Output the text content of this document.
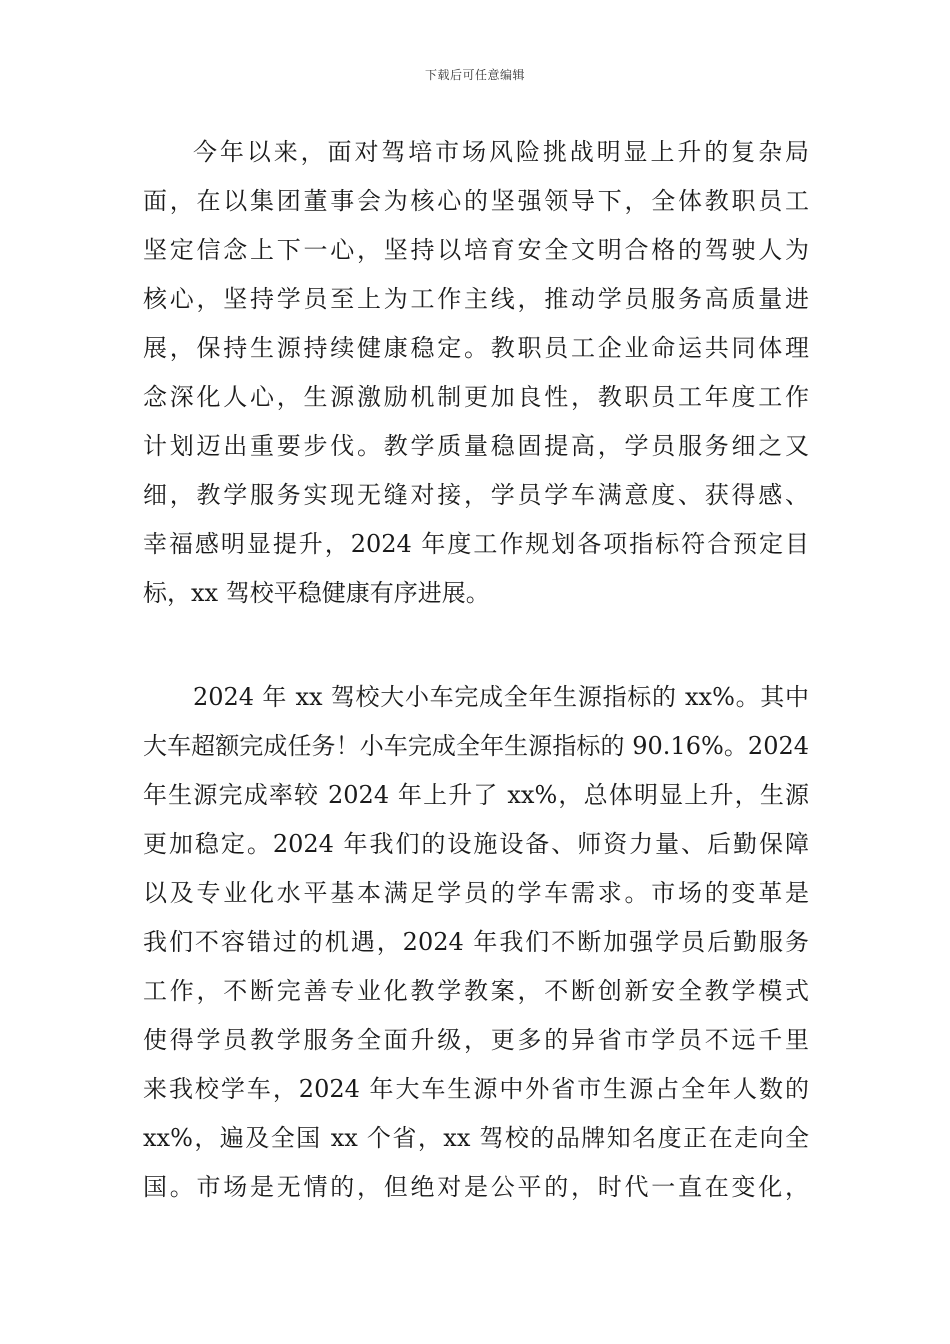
下载后可任意编辑
今年以来，面对驾培市场风险挑战明显上升的复杂局
面，在以集团董事会为核心的坚强领导下，全体教职员工
坚定信念上下一心，坚持以培育安全文明合格的驾驶人为
核心，坚持学员至上为工作主线，推动学员服务高质量进
展，保持生源持续健康稳定。教职员工企业命运共同体理
念深化人心，生源激励机制更加良性，教职员工年度工作
计划迈出重要步伐。教学质量稳固提高，学员服务细之又
细，教学服务实现无缝对接，学员学车满意度、获得感、
幸福感明显提升，2024 年度工作规划各项指标符合预定目
标，xx 驾校平稳健康有序进展。
2024 年 xx 驾校大小车完成全年生源指标的 xx%。其中
大车超额完成任务！小车完成全年生源指标的 90.16%。2024
年生源完成率较 2024 年上升了 xx%，总体明显上升，生源
更加稳定。2024 年我们的设施设备、师资力量、后勤保障
以及专业化水平基本满足学员的学车需求。市场的变革是
我们不容错过的机遇，2024 年我们不断加强学员后勤服务
工作，不断完善专业化教学教案，不断创新安全教学模式
使得学员教学服务全面升级，更多的异省市学员不远千里
来我校学车，2024 年大车生源中外省市生源占全年人数的
xx%，遍及全国 xx 个省，xx 驾校的品牌知名度正在走向全
国。市场是无情的，但绝对是公平的，时代一直在变化，
